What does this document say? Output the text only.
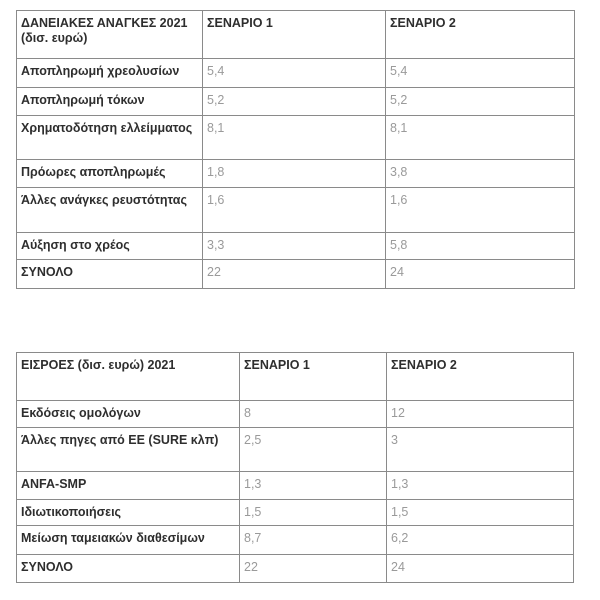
ΔΑΝΕΙΑΚΕΣ ΑΝΑΓΚΕΣ 2021 (δισ. ευρώ)	ΣΕΝΑΡΙΟ 1	ΣΕΝΑΡΙΟ 2
Αποπληρωμή χρεολυσίων	5,4	5,4
Αποπληρωμή τόκων	5,2	5,2
Χρηματοδότηση ελλείμματος	8,1	8,1
Πρόωρες αποπληρωμές	1,8	3,8
Άλλες ανάγκες ρευστότητας	1,6	1,6
Αύξηση στο χρέος	3,3	5,8
ΣΥΝΟΛΟ	22	24
ΕΙΣΡΟΕΣ (δισ. ευρώ) 2021	ΣΕΝΑΡΙΟ 1	ΣΕΝΑΡΙΟ 2
Εκδόσεις ομολόγων	8	12
Άλλες πηγες από ΕΕ (SURE κλπ)	2,5	3
ANFA-SMP	1,3	1,3
Ιδιωτικοποιήσεις	1,5	1,5
Μείωση ταμειακών διαθεσίμων	8,7	6,2
ΣΥΝΟΛΟ	22	24
